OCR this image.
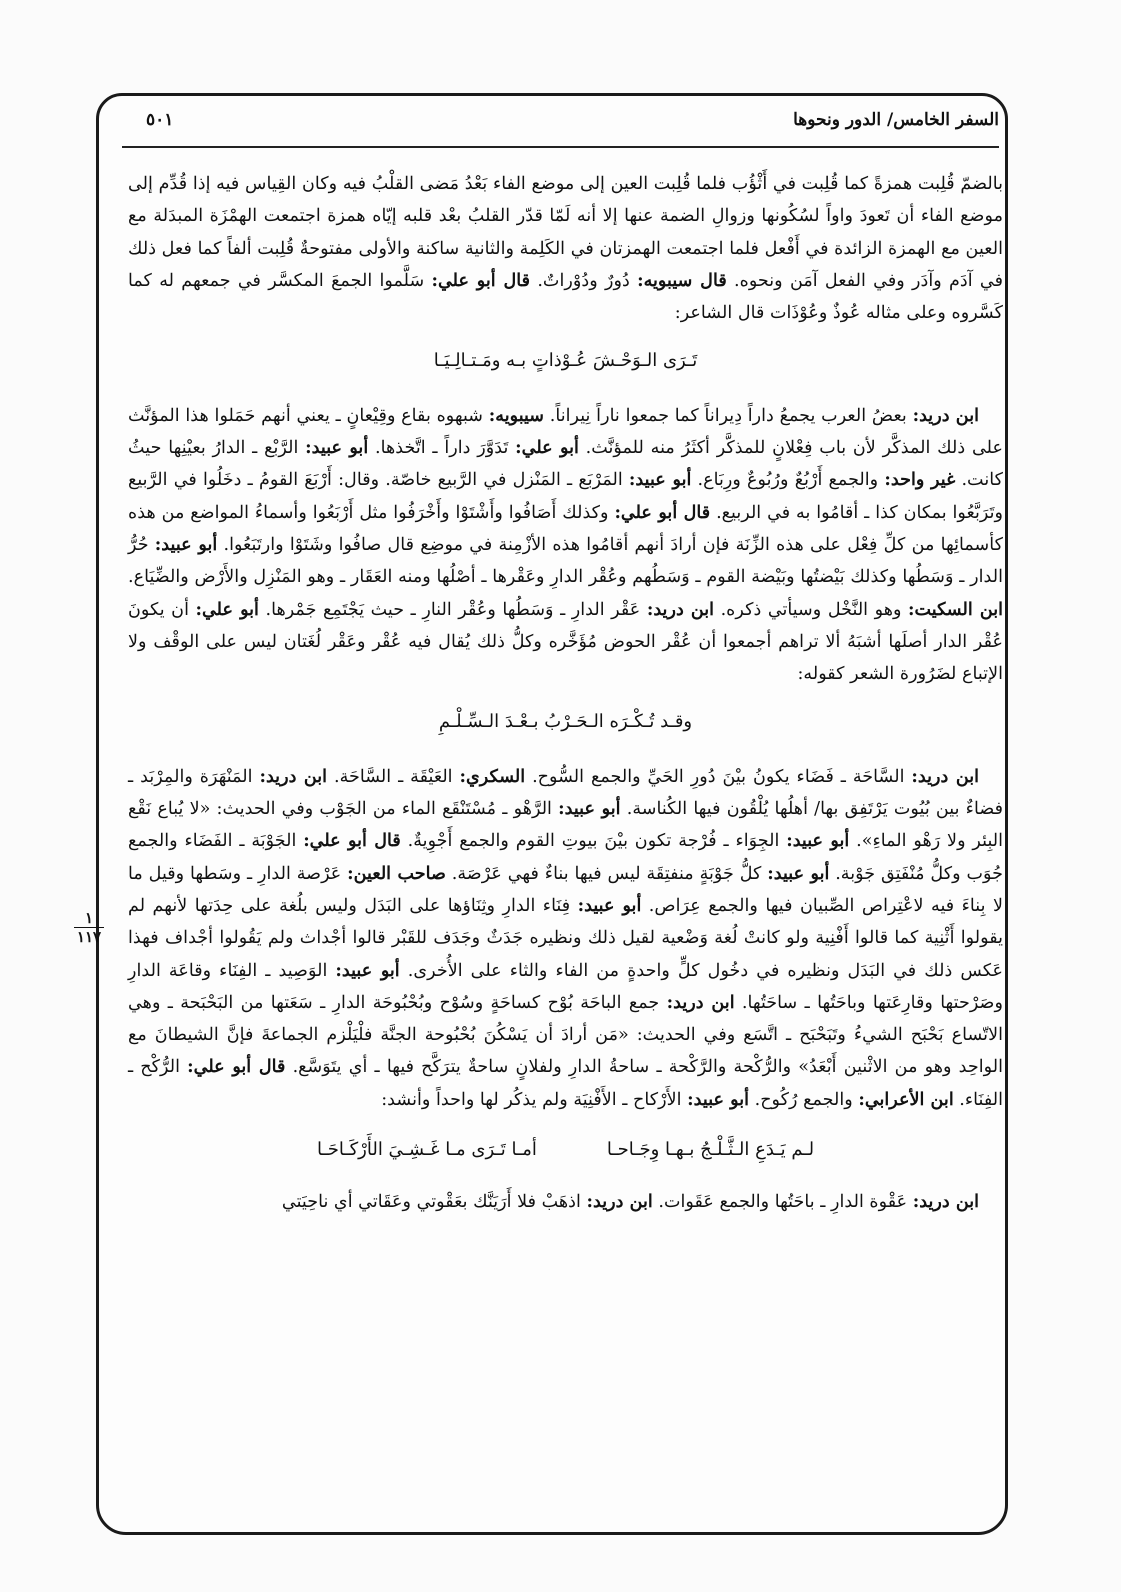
السفر الخامس/ الدور ونحوها
٥٠١
١
١١٧

بالضمّ قُلِبت همزةً كما قُلِبت في أَثْؤُب فلما قُلِبت العين إلى موضع الفاء بَعْدُ مَضى القلْبُ فيه وكان القِياس فيه إذا قُدِّم إلى موضع الفاء أن تَعودَ واواً لسُكُونها وزوالِ الضمة عنها إلا أنه لَمّا قدّر القلبُ بعْد قلبه إيّاه همزة اجتمعت الهمْزَة المبدَلة مع العين مع الهمزة الزائدة في أَفْعل فلما اجتمعت الهمزتان في الكَلِمة والثانية ساكنة والأولى مفتوحةٌ قُلِبت ألفاً كما فعل ذلك في آدَم وآدَر وفي الفعل آمَن ونحوه. قال سيبويه: دُورٌ ودُوْراتٌ. قال أبو علي: سَلَّموا الجمعَ المكسَّر في جمعهم له كما كَسَّروه وعلى مثاله عُوذٌ وعُوْذَات قال الشاعر:

تَـرَى الـوَحْـشَ عُـوْذاتٍ بـه ومَـتـالِـيَـا

ابن دريد: بعضُ العرب يجمعُ داراً دِيراناً كما جمعوا ناراً نِيراناً. سيبويه: شبهوه بقاع وقِيْعانٍ ـ يعني أنهم حَمَلوا هذا المؤنَّث على ذلك المذكَّر لأن باب فِعْلانٍ للمذكَّر أكثَرُ منه للمؤنَّث. أبو علي: تَدَوَّرَ داراً ـ اتَّخذها. أبو عبيد: الرَّبْع ـ الدارُ بعيْنِها حيثُ كانت. غير واحد: والجمع أَرْبُعٌ ورُبُوعٌ ورِبَاع. أبو عبيد: المَرْبَع ـ المَنْزل في الرَّبيع خاصّة. وقال: أَرْبَعَ القومُ ـ دخَلُوا في الرَّبيع وتَرَبَّعُوا بمكان كذا ـ أقامُوا به في الربيع. قال أبو علي: وكذلك أَصَافُوا وأَشْتَوْا وأَخْرَفُوا مثل أَرْبَعُوا وأسماءُ المواضع من هذه كأسمائِها من كلِّ فِعْل على هذه الزِّنَة فإن أرادَ أنهم أقامُوا هذه الأزْمِنة في موضِع قال صافُوا وشَتَوْا وارتَبَعُوا. أبو عبيد: حُرُّ الدار ـ وَسَطُها وكذلك بَيْضتُها وبَيْضة القوم ـ وَسَطُهم وعُقْر الدارِ وعَقْرها ـ أصْلُها ومنه العَقَار ـ وهو المَنْزِل والأَرْض والضِّيَاع. ابن السكيت: وهو النَّخْل وسيأتي ذكره. ابن دريد: عَقْر الدارِ ـ وَسَطُها وعُقْر النارِ ـ حيث يَجْتَمِع جَمْرها. أبو علي: أن يكونَ عُقْر الدار أصلَها أشبَهُ ألا تراهم أجمعوا أن عُقْر الحوض مُؤَخَّره وكلُّ ذلك يُقال فيه عُقْر وعَقْر لُغَتان ليس على الوقْف ولا الإتباع لضَرُورة الشعر كقوله:

وقـد تُـكْـرَه الـحَـرْبُ بـعْـدَ الـسِّـلْـمِ

ابن دريد: السَّاحَة ـ فَضَاء يكونُ بيْنَ دُورِ الحَيِّ والجمع السُّوح. السكري: العَيْقَة ـ السَّاحَة. ابن دريد: المَنْهَرَة والمِرْبَد ـ فضاءٌ بين بُيُوت يَرْتَفِق بها/ أهلُها يُلْقُون فيها الكُناسة. أبو عبيد: الرَّهْو ـ مُسْتَنْقَع الماء من الجَوْب وفي الحديث: «لا يُباع نَقْع البِئر ولا رَهْو الماءِ». أبو عبيد: الجِوَاء ـ فُرْجة تكون بيْنَ بيوتِ القوم والجمع أَجْوِيةٌ. قال أبو علي: الجَوْبَة ـ الفَضَاء والجمع جُوَب وكلُّ مُنْفَتِق جَوْبة. أبو عبيد: كلُّ جَوْبَةٍ منفتِقَة ليس فيها بناءٌ فهي عَرْصَة. صاحب العين: عَرْصة الدارِ ـ وسَطها وقيل ما لا بِناءَ فيه لاعْتِراص الصِّبيان فيها والجمع عِرَاص. أبو عبيد: فِنَاء الدارِ وثِنَاؤها على البَدَل وليس بلُغة على حِدَتها لأنهم لم يقولوا أَثْنِية كما قالوا أَفْنِية ولو كانتْ لُغة وَضْعية لقيل ذلك ونظيره جَدَثٌ وجَدَف للقَبْر قالوا أجْداث ولم يَقُولوا أجْداف فهذا عَكس ذلك في البَدَل ونظيره في دخُول كلٍّ واحدةٍ من الفاء والثاء على الأُخرى. أبو عبيد: الوَصِيد ـ الفِنَاء وقاعَة الدارِ وصَرْحتها وقارِعَتها وباحَتُها ـ ساحَتُها. ابن دريد: جمع الباحَة بُوْح كساحَةٍ وسُوْح وبُحْبُوحَة الدارِ ـ سَعَتها من البَحْبَحة ـ وهي الاتّساع بَحْبَح الشيءُ وتَبَحْبَح ـ اتَّسَع وفي الحديث: «مَن أرادَ أن يَسْكُنَ بُحْبُوحة الجنَّة فلْيَلْزم الجماعةَ فإنَّ الشيطانَ مع الواحِد وهو من الاثْنين أَبْعَدُ» والرُّكْحة والرَّكْحة ـ ساحةُ الدارِ ولفلانٍ ساحةٌ يترَكَّح فيها ـ أي يتَوَسَّع. قال أبو علي: الرُّكْح ـ الفِنَاء. ابن الأعرابي: والجمع رُكُوح. أبو عبيد: الأَرْكاح ـ الأَفْنِيَة ولم يذكُر لها واحداً وأنشد:

لـم يَـدَعِ الـثَّـلْـجُ بـهـا وِجَـاحـا
أمـا تَـرَى مـا غَـشِـيَ الأَرْكَـاحَـا

ابن دريد: عَقْوة الدارِ ـ باحَتُها والجمع عَقَوات. ابن دريد: اذهَبْ فلا أَرَيَنَّك بعَقْوتي وعَقَاتي أي ناحِيَتي
